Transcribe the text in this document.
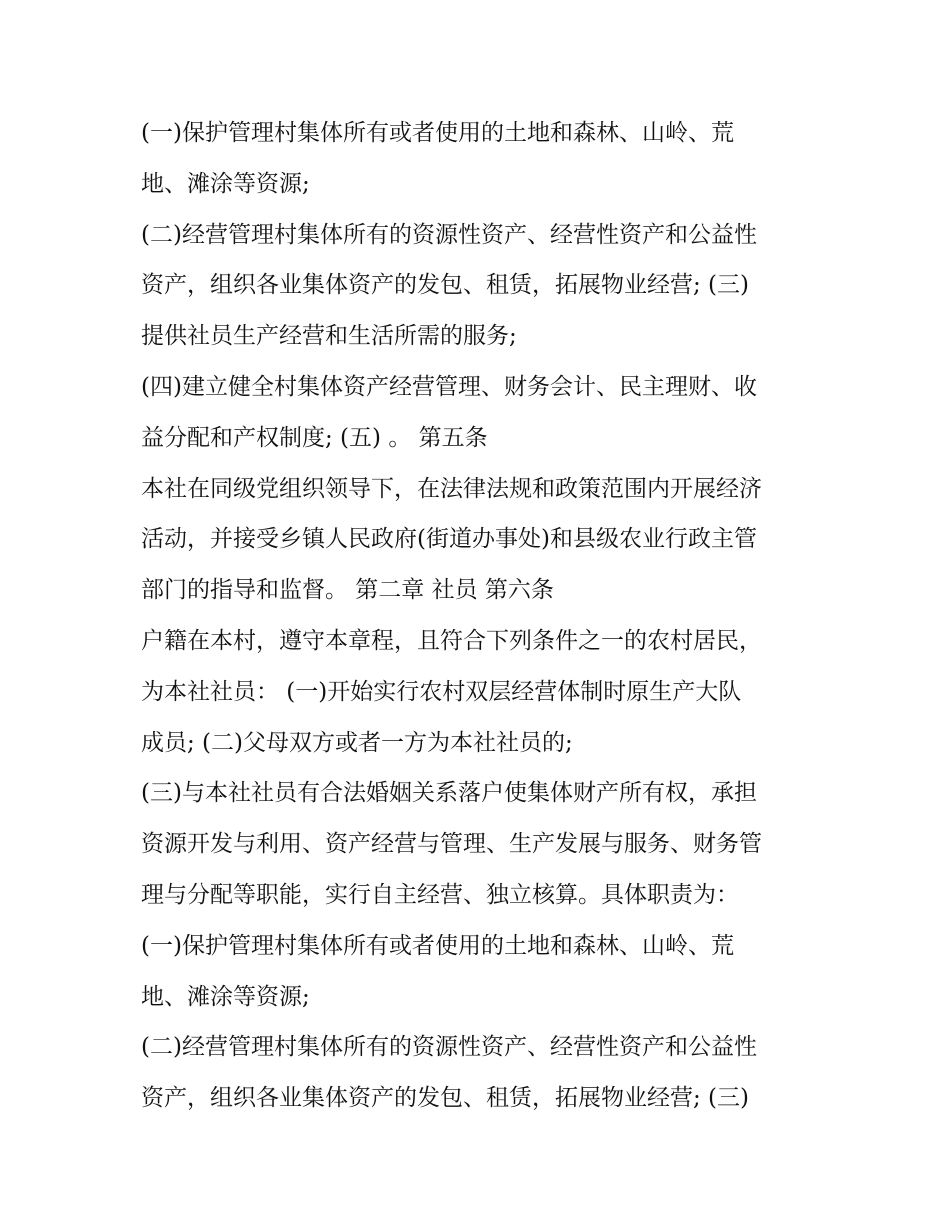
(一)保护管理村集体所有或者使用的土地和森林、山岭、荒
地、滩涂等资源;
(二)经营管理村集体所有的资源性资产、经营性资产和公益性
资产，组织各业集体资产的发包、租赁，拓展物业经营; (三)
提供社员生产经营和生活所需的服务;
(四)建立健全村集体资产经营管理、财务会计、民主理财、收
益分配和产权制度; (五) 。 第五条
本社在同级党组织领导下，在法律法规和政策范围内开展经济
活动，并接受乡镇人民政府(街道办事处)和县级农业行政主管
部门的指导和监督。 第二章 社员 第六条
户籍在本村，遵守本章程，且符合下列条件之一的农村居民，
为本社社员： (一)开始实行农村双层经营体制时原生产大队
成员; (二)父母双方或者一方为本社社员的;
(三)与本社社员有合法婚姻关系落户使集体财产所有权，承担
资源开发与利用、资产经营与管理、生产发展与服务、财务管
理与分配等职能，实行自主经营、独立核算。具体职责为：
(一)保护管理村集体所有或者使用的土地和森林、山岭、荒
地、滩涂等资源;
(二)经营管理村集体所有的资源性资产、经营性资产和公益性
资产，组织各业集体资产的发包、租赁，拓展物业经营; (三)
